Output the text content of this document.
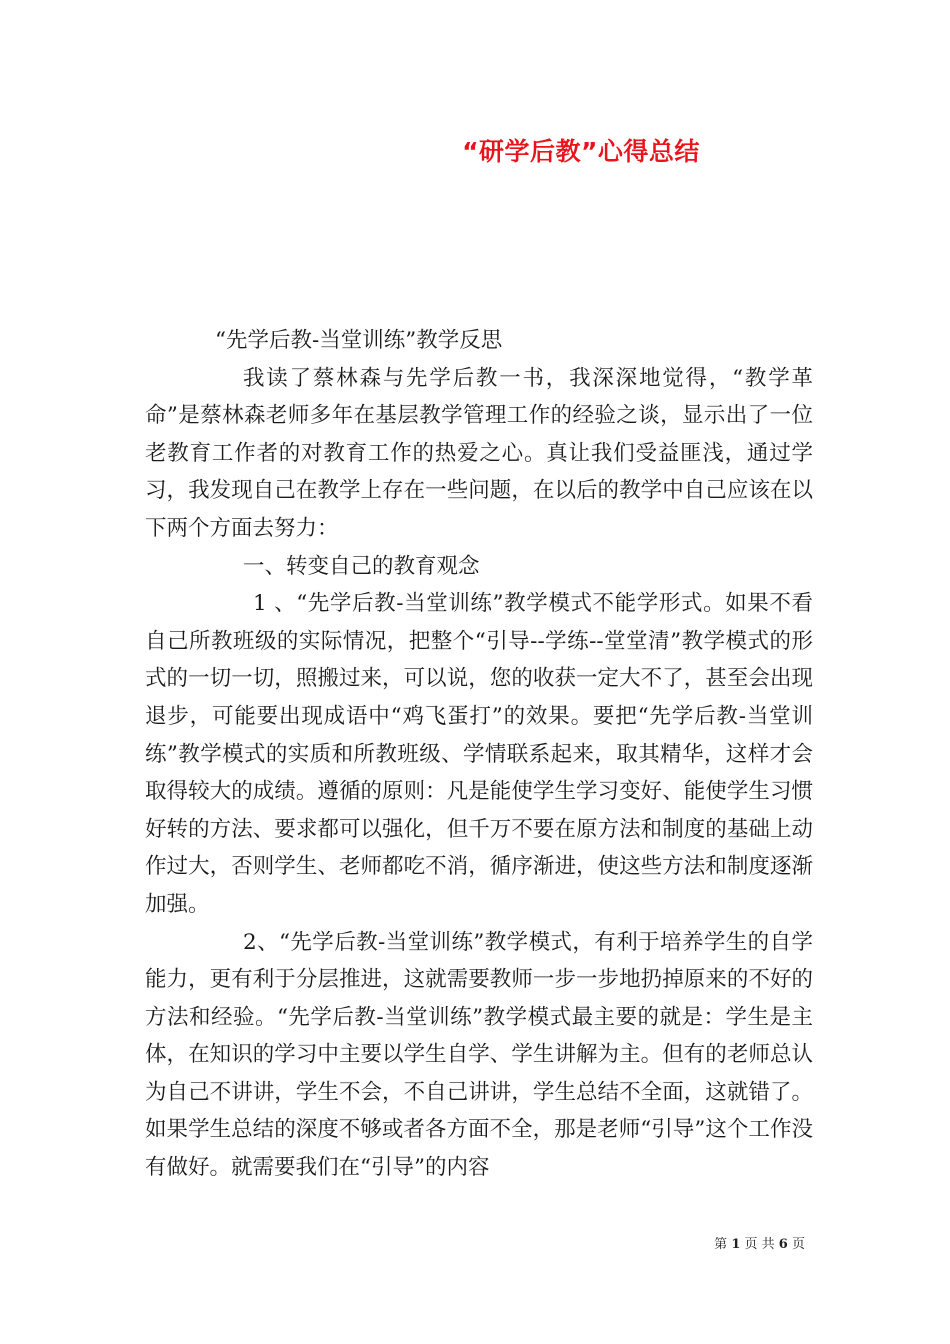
“研学后教”心得总结

“先学后教-当堂训练”教学反思

我读了蔡林森与先学后教一书，我深深地觉得，“教学革命”是蔡林森老师多年在基层教学管理工作的经验之谈，显示出了一位老教育工作者的对教育工作的热爱之心。真让我们受益匪浅，通过学习，我发现自己在教学上存在一些问题，在以后的教学中自己应该在以下两个方面去努力：

一、转变自己的教育观念

1 、“先学后教-当堂训练”教学模式不能学形式。如果不看自己所教班级的实际情况，把整个“引导--学练--堂堂清”教学模式的形式的一切一切，照搬过来，可以说，您的收获一定大不了，甚至会出现退步，可能要出现成语中“鸡飞蛋打”的效果。要把“先学后教-当堂训练”教学模式的实质和所教班级、学情联系起来，取其精华，这样才会取得较大的成绩。遵循的原则：凡是能使学生学习变好、能使学生习惯好转的方法、要求都可以强化，但千万不要在原方法和制度的基础上动作过大，否则学生、老师都吃不消，循序渐进，使这些方法和制度逐渐加强。

2、“先学后教-当堂训练”教学模式，有利于培养学生的自学能力，更有利于分层推进，这就需要教师一步一步地扔掉原来的不好的方法和经验。“先学后教-当堂训练”教学模式最主要的就是：学生是主体，在知识的学习中主要以学生自学、学生讲解为主。但有的老师总认为自己不讲讲，学生不会，不自己讲讲，学生总结不全面，这就错了。如果学生总结的深度不够或者各方面不全，那是老师“引导”这个工作没有做好。就需要我们在“引导”的内容

第 1 页 共 6 页
